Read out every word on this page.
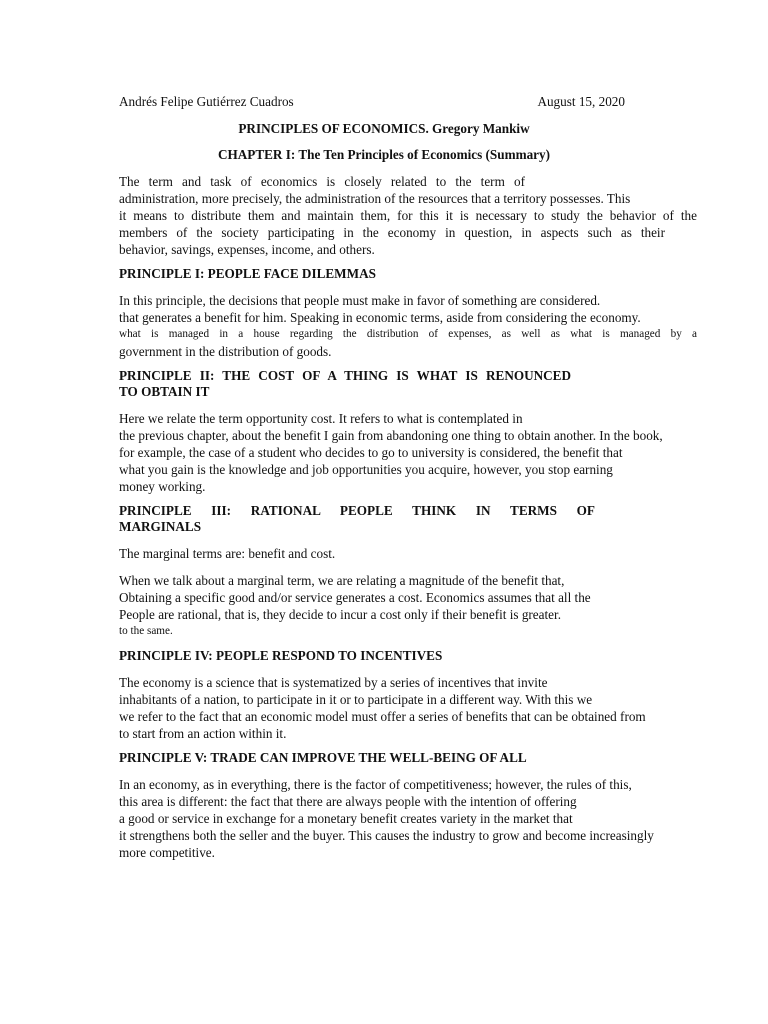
Andrés Felipe Gutiérrez Cuadros	August 15, 2020
PRINCIPLES OF ECONOMICS. Gregory Mankiw
CHAPTER I: The Ten Principles of Economics (Summary)

The term and task of economics is closely related to the term of
administration, more precisely, the administration of the resources that a territory possesses. This
it means to distribute them and maintain them, for this it is necessary to study the behavior of the
members of the society participating in the economy in question, in aspects such as their
behavior, savings, expenses, income, and others.

PRINCIPLE I: PEOPLE FACE DILEMMAS

In this principle, the decisions that people must make in favor of something are considered.
that generates a benefit for him. Speaking in economic terms, aside from considering the economy.
what is managed in a house regarding the distribution of expenses, as well as what is managed by a
government in the distribution of goods.

PRINCIPLE II: THE COST OF A THING IS WHAT IS RENOUNCED
TO OBTAIN IT

Here we relate the term opportunity cost. It refers to what is contemplated in
the previous chapter, about the benefit I gain from abandoning one thing to obtain another. In the book,
for example, the case of a student who decides to go to university is considered, the benefit that
what you gain is the knowledge and job opportunities you acquire, however, you stop earning
money working.

PRINCIPLE III: RATIONAL PEOPLE THINK IN TERMS OF
MARGINALS

The marginal terms are: benefit and cost.

When we talk about a marginal term, we are relating a magnitude of the benefit that,
Obtaining a specific good and/or service generates a cost. Economics assumes that all the
People are rational, that is, they decide to incur a cost only if their benefit is greater.
to the same.

PRINCIPLE IV: PEOPLE RESPOND TO INCENTIVES

The economy is a science that is systematized by a series of incentives that invite
inhabitants of a nation, to participate in it or to participate in a different way. With this we
we refer to the fact that an economic model must offer a series of benefits that can be obtained from
to start from an action within it.

PRINCIPLE V: TRADE CAN IMPROVE THE WELL-BEING OF ALL

In an economy, as in everything, there is the factor of competitiveness; however, the rules of this,
this area is different: the fact that there are always people with the intention of offering
a good or service in exchange for a monetary benefit creates variety in the market that
it strengthens both the seller and the buyer. This causes the industry to grow and become increasingly
more competitive.
